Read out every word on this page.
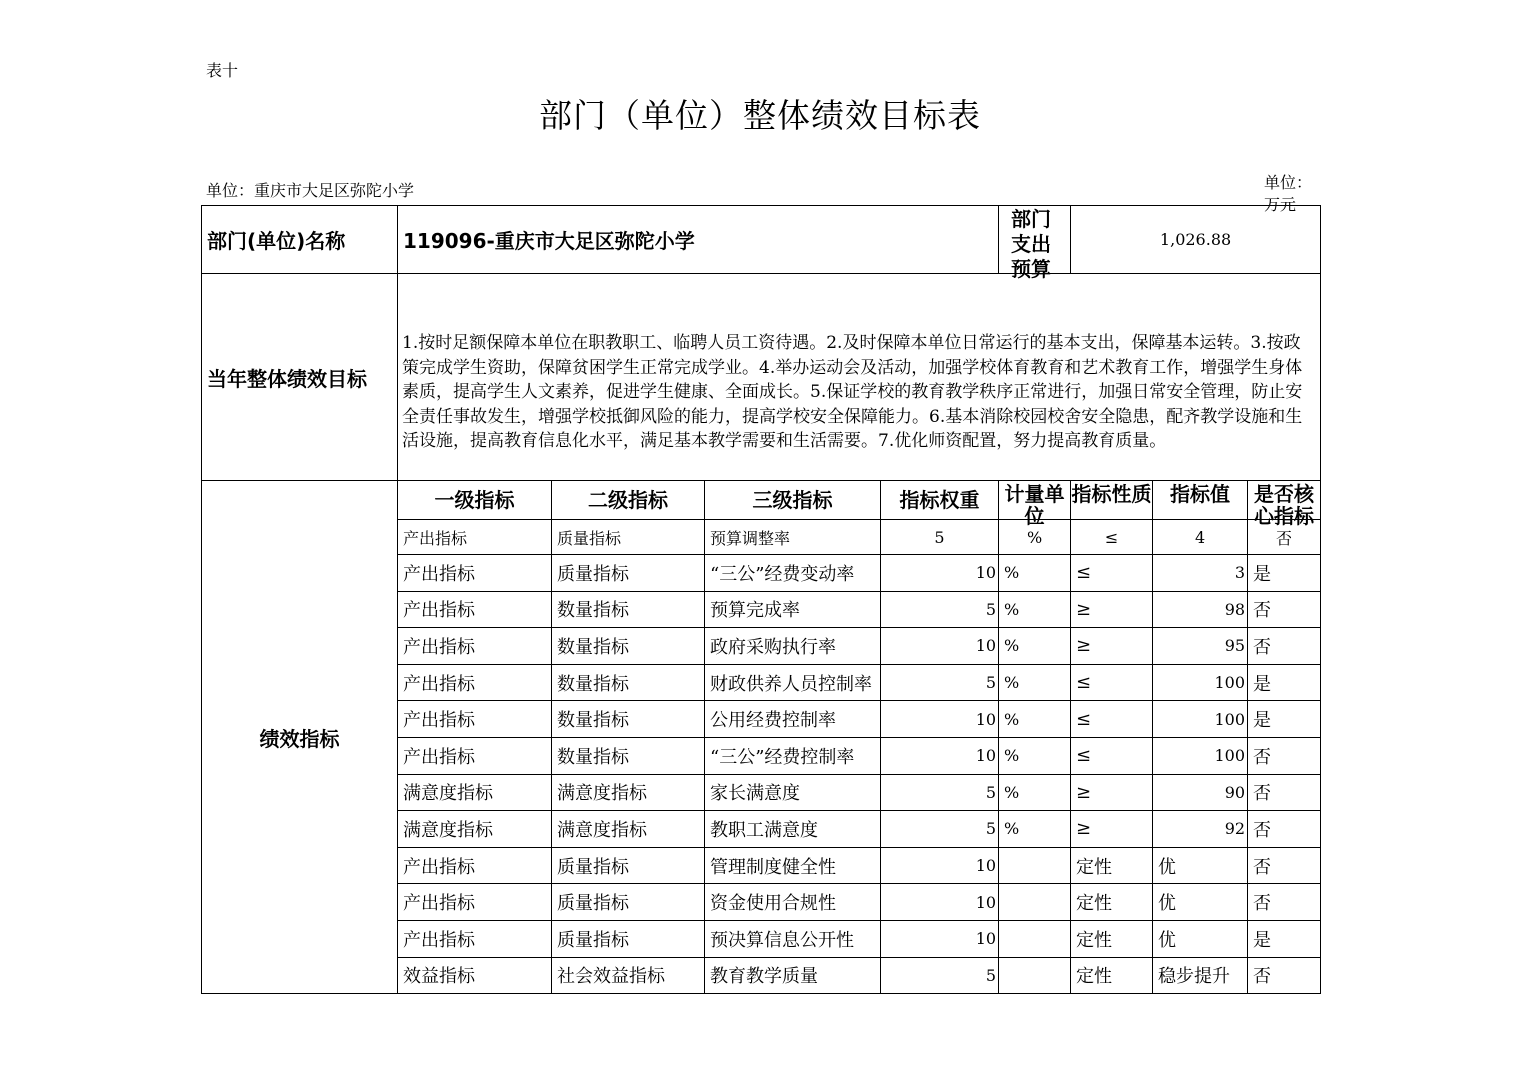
表十
部门（单位）整体绩效目标表
单位：重庆市大足区弥陀小学	单位：万元
部门(单位)名称	119096-重庆市大足区弥陀小学				部门支出预算	1,026.88		
当年整体绩效目标	1.按时足额保障本单位在职教职工、临聘人员工资待遇。2.及时保障本单位日常运行的基本支出，保障基本运转。3.按政策完成学生资助，保障贫困学生正常完成学业。4.举办运动会及活动，加强学校体育教育和艺术教育工作，增强学生身体素质，提高学生人文素养，促进学生健康、全面成长。5.保证学校的教育教学秩序正常进行，加强日常安全管理，防止安全责任事故发生，增强学校抵御风险的能力，提高学校安全保障能力。6.基本消除校园校舍安全隐患，配齐教学设施和生活设施，提高教育信息化水平，满足基本教学需要和生活需要。7.优化师资配置，努力提高教育质量。							

绩效指标	一级指标	二级指标	三级指标	指标权重	计量单位	指标性质	指标值	是否核心指标

	产出指标	质量指标	预算调整率	5	%	≤	4	否
	产出指标	质量指标	“三公”经费变动率	10	%	≤	3	是
	产出指标	数量指标	预算完成率	5	%	≥	98	否
	产出指标	数量指标	政府采购执行率	10	%	≥	95	否
	产出指标	数量指标	财政供养人员控制率	5	%	≤	100	是
	产出指标	数量指标	公用经费控制率	10	%	≤	100	是
	产出指标	数量指标	“三公”经费控制率	10	%	≤	100	否
	满意度指标	满意度指标	家长满意度	5	%	≥	90	否
	满意度指标	满意度指标	教职工满意度	5	%	≥	92	否
	产出指标	质量指标	管理制度健全性	10		定性	优	否
	产出指标	质量指标	资金使用合规性	10		定性	优	否
	产出指标	质量指标	预决算信息公开性	10		定性	优	是
	效益指标	社会效益指标	教育教学质量	5		定性	稳步提升	否
